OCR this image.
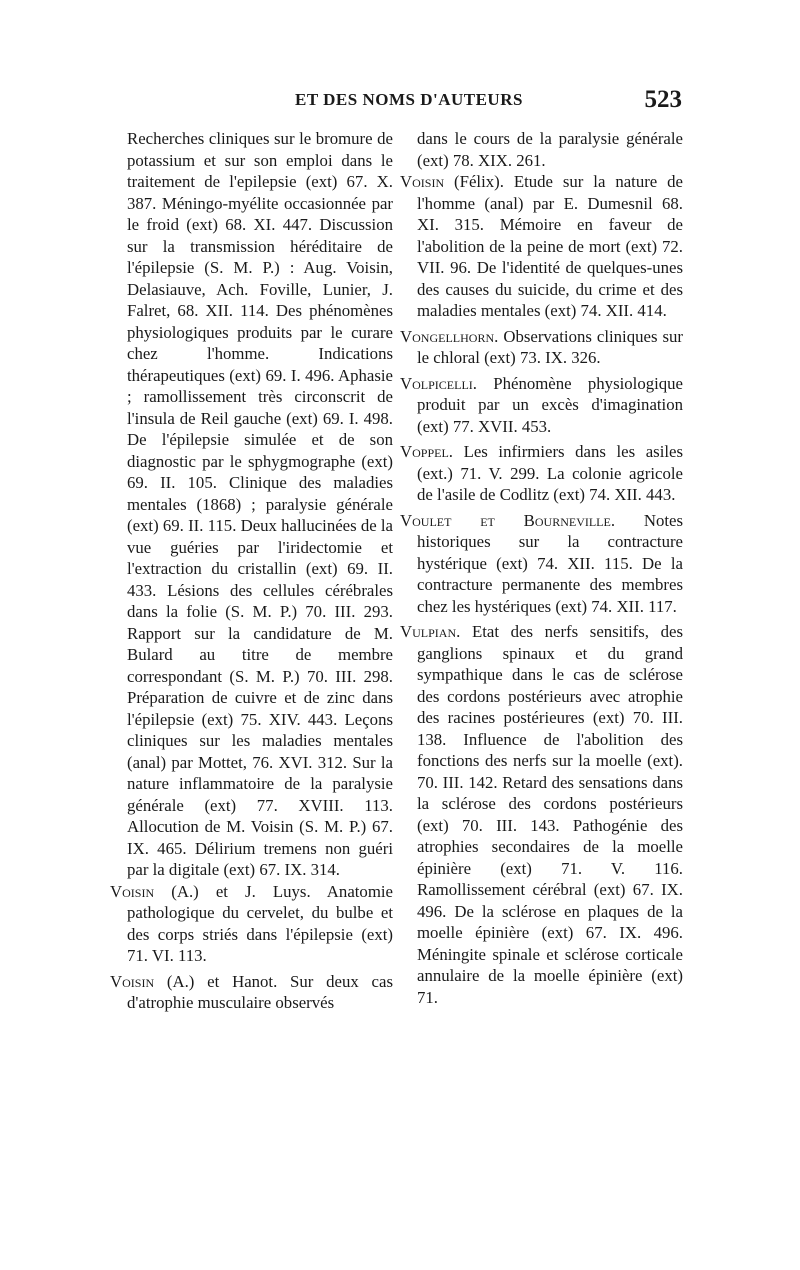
ET DES NOMS D'AUTEURS	523

Recherches cliniques sur le bromure de potassium et sur son emploi dans le traitement de l'epilepsie (ext) 67. X. 387. Méningo-myélite occasionnée par le froid (ext) 68. XI. 447. Discussion sur la transmission héréditaire de l'épilepsie (S. M. P.) : Aug. Voisin, Delasiauve, Ach. Foville, Lunier, J. Falret, 68. XII. 114. Des phénomènes physiologiques produits par le curare chez l'homme. Indications thérapeutiques (ext) 69. I. 496. Aphasie ; ramollissement très circonscrit de l'insula de Reil gauche (ext) 69. I. 498. De l'épilepsie simulée et de son diagnostic par le sphygmographe (ext) 69. II. 105. Clinique des maladies mentales (1868) ; paralysie générale (ext) 69. II. 115. Deux hallucinées de la vue guéries par l'iridectomie et l'extraction du cristallin (ext) 69. II. 433. Lésions des cellules cérébrales dans la folie (S. M. P.) 70. III. 293. Rapport sur la candidature de M. Bulard au titre de membre correspondant (S. M. P.) 70. III. 298. Préparation de cuivre et de zinc dans l'épilepsie (ext) 75. XIV. 443. Leçons cliniques sur les maladies mentales (anal) par Mottet, 76. XVI. 312. Sur la nature inflammatoire de la paralysie générale (ext) 77. XVIII. 113. Allocution de M. Voisin (S. M. P.) 67. IX. 465. Délirium tremens non guéri par la digitale (ext) 67. IX. 314.

Voisin (A.) et J. Luys. Anatomie pathologique du cervelet, du bulbe et des corps striés dans l'épilepsie (ext) 71. VI. 113.

Voisin (A.) et Hanot. Sur deux cas d'atrophie musculaire observés

dans le cours de la paralysie générale (ext) 78. XIX. 261.

Voisin (Félix). Etude sur la nature de l'homme (anal) par E. Dumesnil 68. XI. 315. Mémoire en faveur de l'abolition de la peine de mort (ext) 72. VII. 96. De l'identité de quelques-unes des causes du suicide, du crime et des maladies mentales (ext) 74. XII. 414.

Vongellhorn. Observations cliniques sur le chloral (ext) 73. IX. 326.

Volpicelli. Phénomène physiologique produit par un excès d'imagination (ext) 77. XVII. 453.

Voppel. Les infirmiers dans les asiles (ext.) 71. V. 299. La colonie agricole de l'asile de Codlitz (ext) 74. XII. 443.

Voulet et Bourneville. Notes historiques sur la contracture hystérique (ext) 74. XII. 115. De la contracture permanente des membres chez les hystériques (ext) 74. XII. 117.

Vulpian. Etat des nerfs sensitifs, des ganglions spinaux et du grand sympathique dans le cas de sclérose des cordons postérieurs avec atrophie des racines postérieures (ext) 70. III. 138. Influence de l'abolition des fonctions des nerfs sur la moelle (ext). 70. III. 142. Retard des sensations dans la sclérose des cordons postérieurs (ext) 70. III. 143. Pathogénie des atrophies secondaires de la moelle épinière (ext) 71. V. 116. Ramollissement cérébral (ext) 67. IX. 496. De la sclérose en plaques de la moelle épinière (ext) 67. IX. 496. Méningite spinale et sclérose corticale annulaire de la moelle épinière (ext) 71.
